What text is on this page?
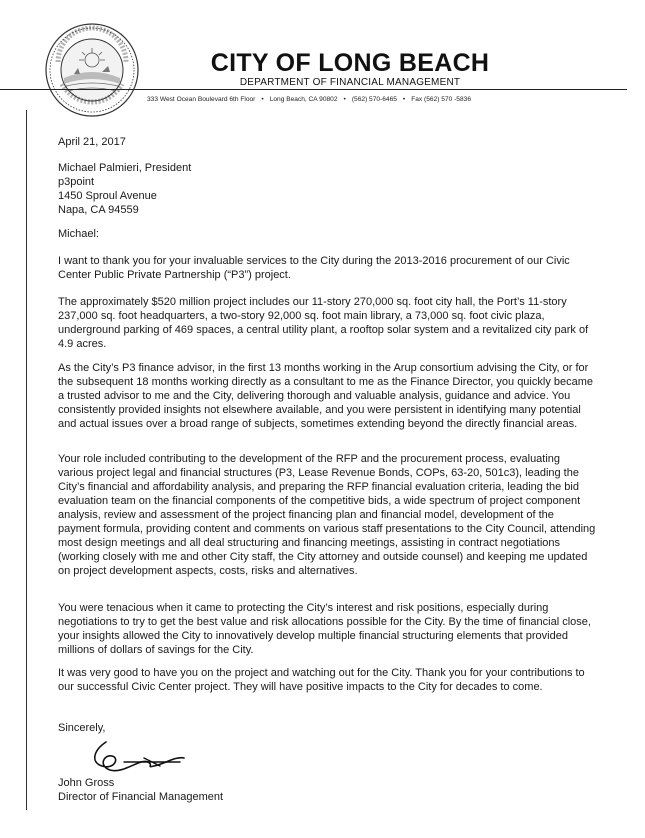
CITY OF LONG BEACH
DEPARTMENT OF FINANCIAL MANAGEMENT
333 West Ocean Boulevard 6th Floor • Long Beach, CA 90802 • (562) 570-6465 • Fax (562) 570 -5836
April 21, 2017
Michael Palmieri, President
p3point
1450 Sproul Avenue
Napa, CA 94559
Michael:
I want to thank you for your invaluable services to the City during the 2013-2016 procurement of our Civic Center Public Private Partnership (“P3”) project.
The approximately $520 million project includes our 11-story 270,000 sq. foot city hall, the Port’s 11-story 237,000 sq. foot headquarters, a two-story 92,000 sq. foot main library, a 73,000 sq. foot civic plaza, underground parking of 469 spaces, a central utility plant, a rooftop solar system and a revitalized city park of 4.9 acres.
As the City’s P3 finance advisor, in the first 13 months working in the Arup consortium advising the City, or for the subsequent 18 months working directly as a consultant to me as the Finance Director, you quickly became a trusted advisor to me and the City, delivering thorough and valuable analysis, guidance and advice. You consistently provided insights not elsewhere available, and you were persistent in identifying many potential and actual issues over a broad range of subjects, sometimes extending beyond the directly financial areas.
Your role included contributing to the development of the RFP and the procurement process, evaluating various project legal and financial structures (P3, Lease Revenue Bonds, COPs, 63-20, 501c3), leading the City’s financial and affordability analysis, and preparing the RFP financial evaluation criteria, leading the bid evaluation team on the financial components of the competitive bids, a wide spectrum of project component analysis, review and assessment of the project financing plan and financial model, development of the payment formula, providing content and comments on various staff presentations to the City Council, attending most design meetings and all deal structuring and financing meetings, assisting in contract negotiations (working closely with me and other City staff, the City attorney and outside counsel) and keeping me updated on project development aspects, costs, risks and alternatives.
You were tenacious when it came to protecting the City’s interest and risk positions, especially during negotiations to try to get the best value and risk allocations possible for the City. By the time of financial close, your insights allowed the City to innovatively develop multiple financial structuring elements that provided millions of dollars of savings for the City.
It was very good to have you on the project and watching out for the City. Thank you for your contributions to our successful Civic Center project. They will have positive impacts to the City for decades to come.
Sincerely,
John Gross
Director of Financial Management
